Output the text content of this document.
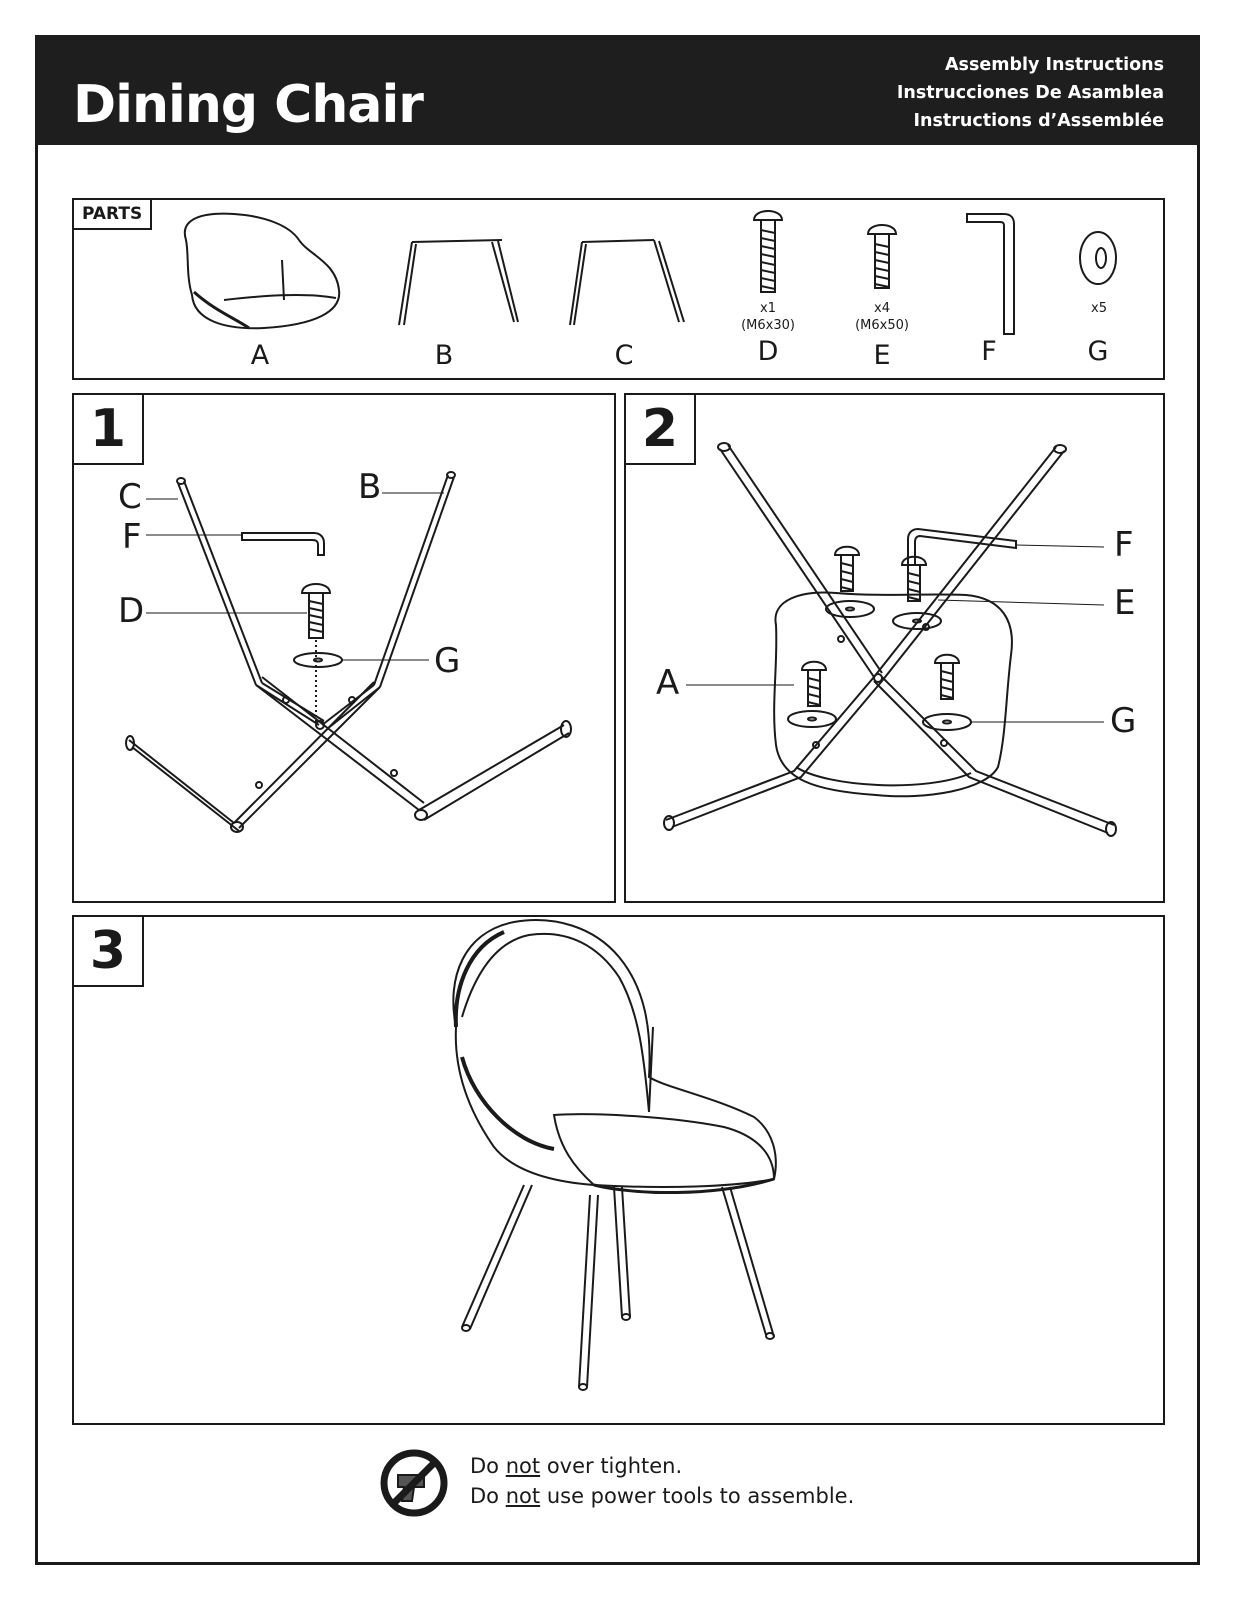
Dining Chair
Assembly Instructions
Instrucciones De Asamblea
Instructions d’Assemblée
PARTS
A	B	C
x1
(M6x30)
D
x4
(M6x50)
E	F
x5
G
1
C
F
D
B
G
2
F
E
A
G
3
Do not over tighten.
Do not use power tools to assemble.
